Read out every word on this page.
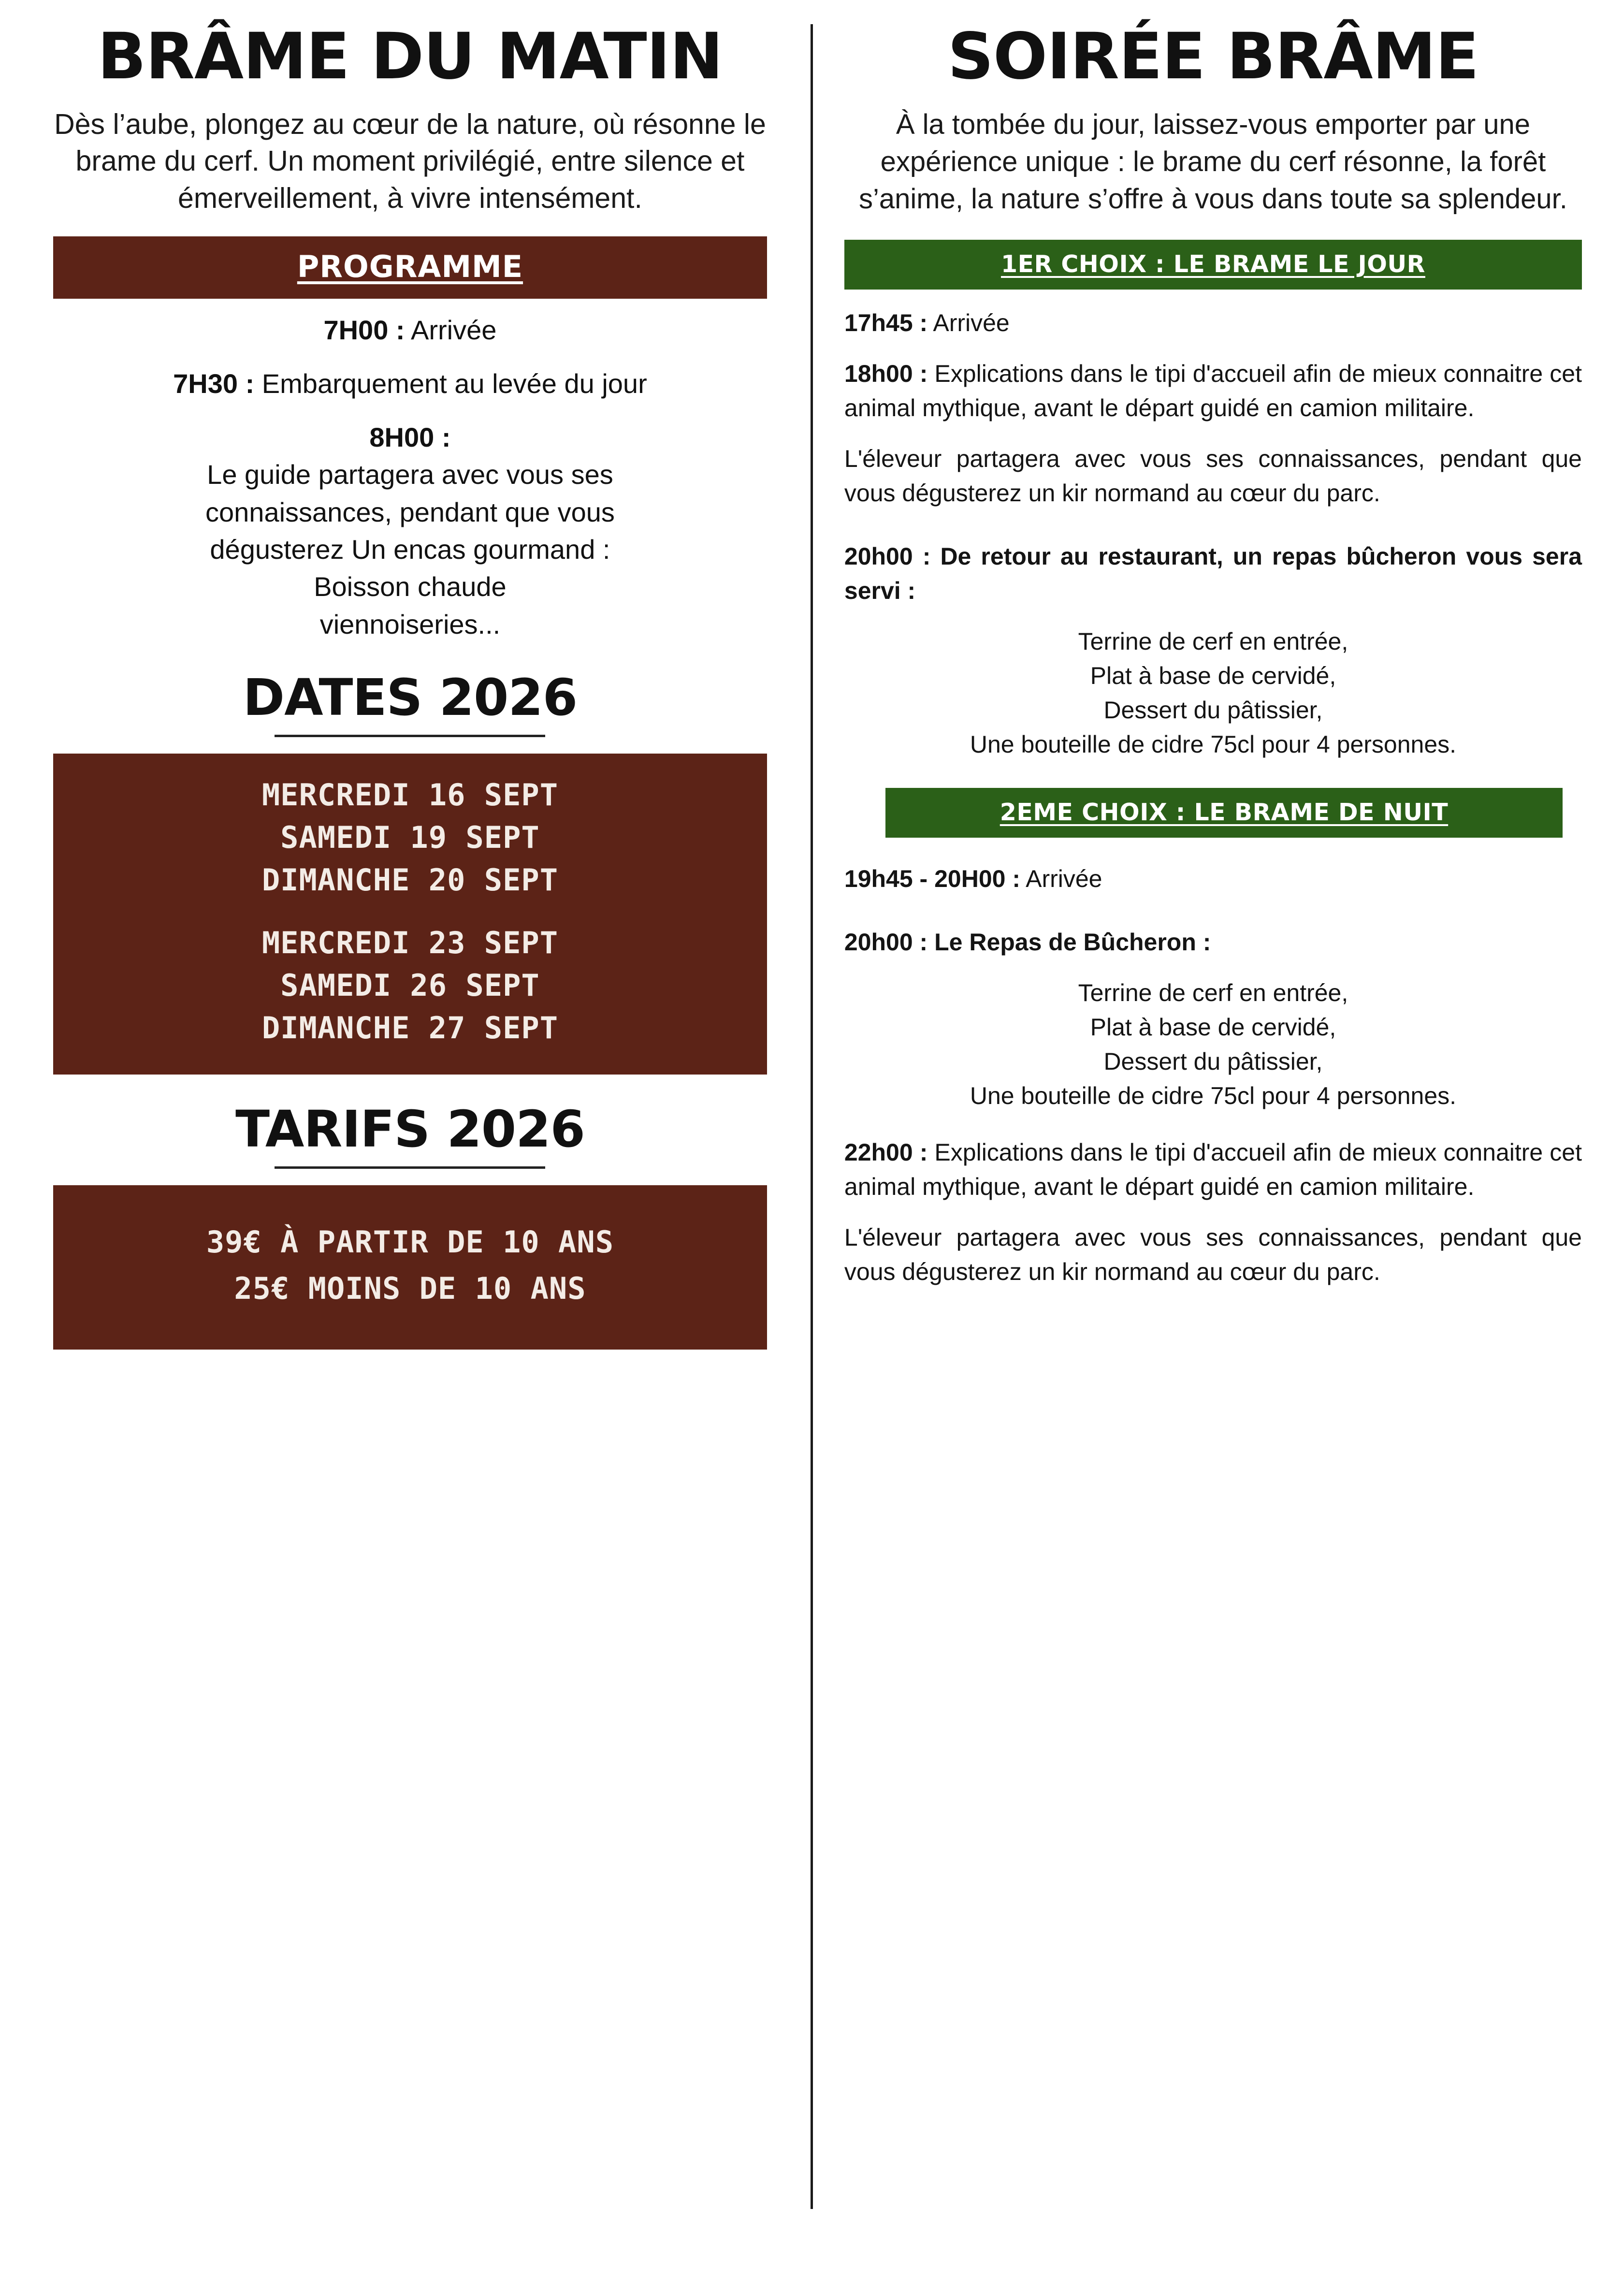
BRÂME DU MATIN

Dès l’aube, plongez au cœur de la nature, où résonne le brame du cerf. Un moment privilégié, entre silence et émerveillement, à vivre intensément.

PROGRAMME

7H00 : Arrivée

7H30 : Embarquement au levée du jour

8H00 :
Le guide partagera avec vous ses
connaissances, pendant que vous
dégusterez Un encas gourmand :
Boisson chaude
viennoiseries...
DATES 2026
MERCREDI 16 SEPT
SAMEDI 19 SEPT
DIMANCHE 20 SEPT
MERCREDI 23 SEPT
SAMEDI 26 SEPT
DIMANCHE 27 SEPT
TARIFS 2026
39€ À PARTIR DE 10 ANS
25€ MOINS DE 10 ANS
SOIRÉE BRÂME

À la tombée du jour, laissez-vous emporter par une expérience unique : le brame du cerf résonne, la forêt s’anime, la nature s’offre à vous dans toute sa splendeur.

1ER CHOIX : LE BRAME LE JOUR

17h45 : Arrivée

18h00 : Explications dans le tipi d'accueil afin de mieux connaitre cet animal mythique, avant le départ guidé en camion militaire.

L'éleveur partagera avec vous ses connaissances, pendant que vous dégusterez un kir normand au cœur du parc.

20h00 : De retour au restaurant, un repas bûcheron vous sera servi :

Terrine de cerf en entrée,

Plat à base de cervidé,

Dessert du pâtissier,

Une bouteille de cidre 75cl pour 4 personnes.

2EME CHOIX : LE BRAME DE NUIT

19h45 - 20H00 : Arrivée

20h00 : Le Repas de Bûcheron :

Terrine de cerf en entrée,

Plat à base de cervidé,

Dessert du pâtissier,

Une bouteille de cidre 75cl pour 4 personnes.

22h00 : Explications dans le tipi d'accueil afin de mieux connaitre cet animal mythique, avant le départ guidé en camion militaire.

L'éleveur partagera avec vous ses connaissances, pendant que vous dégusterez un kir normand au cœur du parc.
